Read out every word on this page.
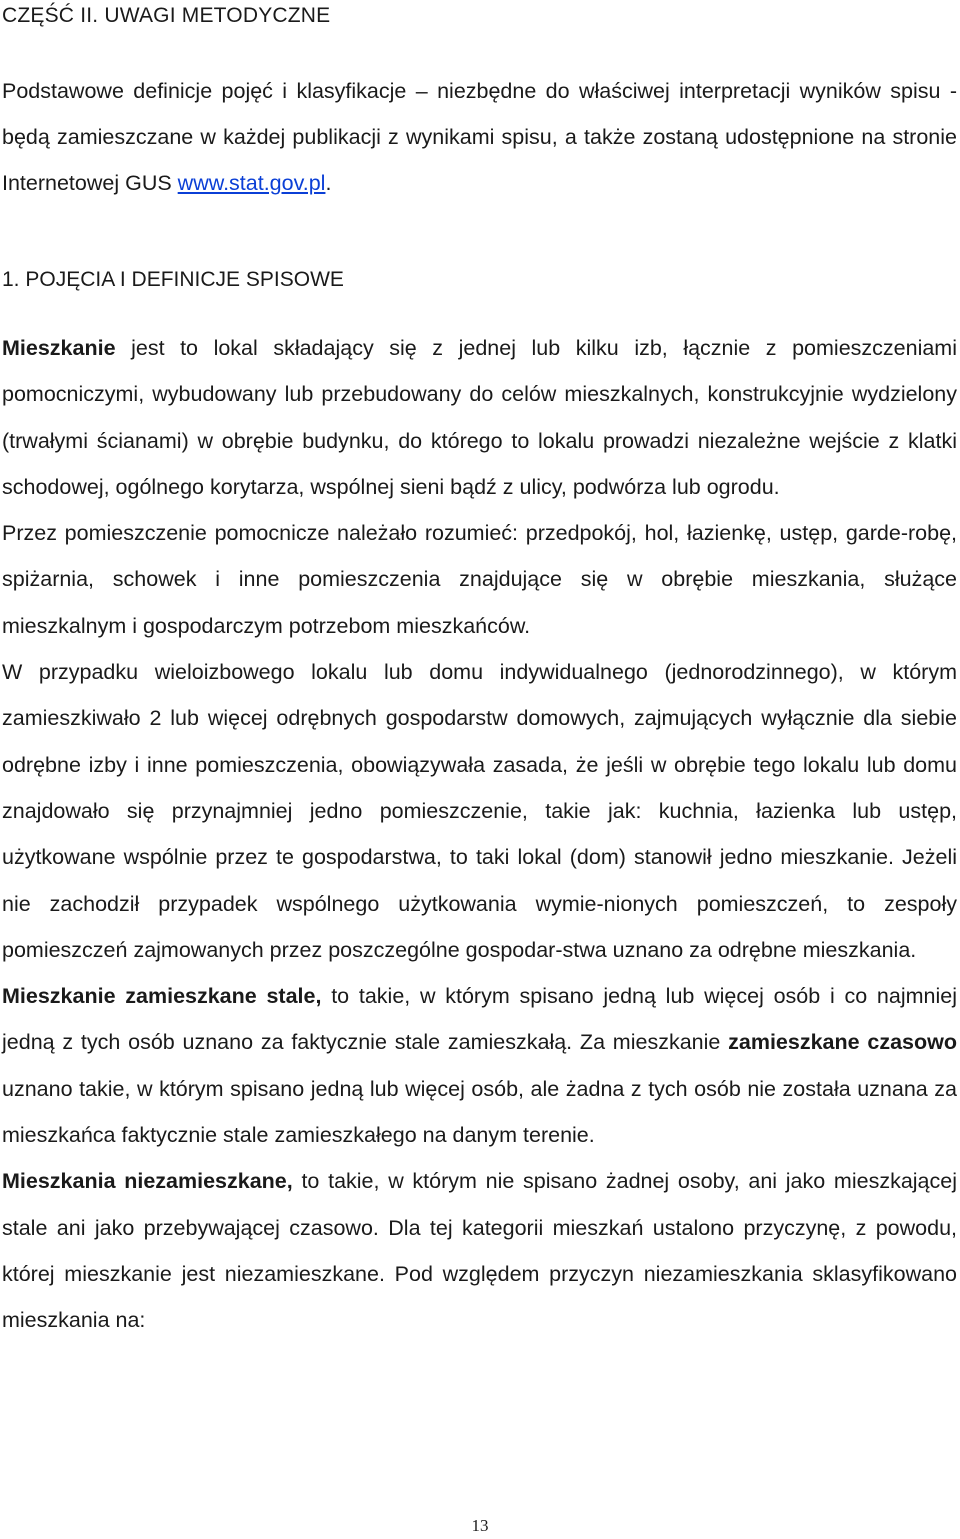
CZĘŚĆ II. UWAGI METODYCZNE

Podstawowe definicje pojęć i klasyfikacje – niezbędne do właściwej interpretacji wyników spisu - będą zamieszczane w każdej publikacji z wynikami spisu, a także zostaną udostępnione na stronie Internetowej GUS www.stat.gov.pl.

1. POJĘCIA I DEFINICJE SPISOWE

Mieszkanie jest to lokal składający się z jednej lub kilku izb, łącznie z pomieszczeniami pomocniczymi, wybudowany lub przebudowany do celów mieszkalnych, konstrukcyjnie wydzielony (trwałymi ścianami) w obrębie budynku, do którego to lokalu prowadzi niezależne wejście z klatki schodowej, ogólnego korytarza, wspólnej sieni bądź z ulicy, podwórza lub ogrodu.

Przez pomieszczenie pomocnicze należało rozumieć: przedpokój, hol, łazienkę, ustęp, garde-robę, spiżarnia, schowek i inne pomieszczenia znajdujące się w obrębie mieszkania, służące mieszkalnym i gospodarczym potrzebom mieszkańców.

W przypadku wieloizbowego lokalu lub domu indywidualnego (jednorodzinnego), w którym zamieszkiwało 2 lub więcej odrębnych gospodarstw domowych, zajmujących wyłącznie dla siebie odrębne izby i inne pomieszczenia, obowiązywała zasada, że jeśli w obrębie tego lokalu lub domu znajdowało się przynajmniej jedno pomieszczenie, takie jak: kuchnia, łazienka lub ustęp, użytkowane wspólnie przez te gospodarstwa, to taki lokal (dom) stanowił jedno mieszkanie. Jeżeli nie zachodził przypadek wspólnego użytkowania wymie-nionych pomieszczeń, to zespoły pomieszczeń zajmowanych przez poszczególne gospodar-stwa uznano za odrębne mieszkania.

Mieszkanie zamieszkane stale, to takie, w którym spisano jedną lub więcej osób i co najmniej jedną z tych osób uznano za faktycznie stale zamieszkałą. Za mieszkanie zamieszkane czasowo uznano takie, w którym spisano jedną lub więcej osób, ale żadna z tych osób nie została uznana za mieszkańca faktycznie stale zamieszkałego na danym terenie.

Mieszkania niezamieszkane, to takie, w którym nie spisano żadnej osoby, ani jako mieszkającej stale ani jako przebywającej czasowo. Dla tej kategorii mieszkań ustalono przyczynę, z powodu, której mieszkanie jest niezamieszkane. Pod względem przyczyn niezamieszkania sklasyfikowano mieszkania na:

13
